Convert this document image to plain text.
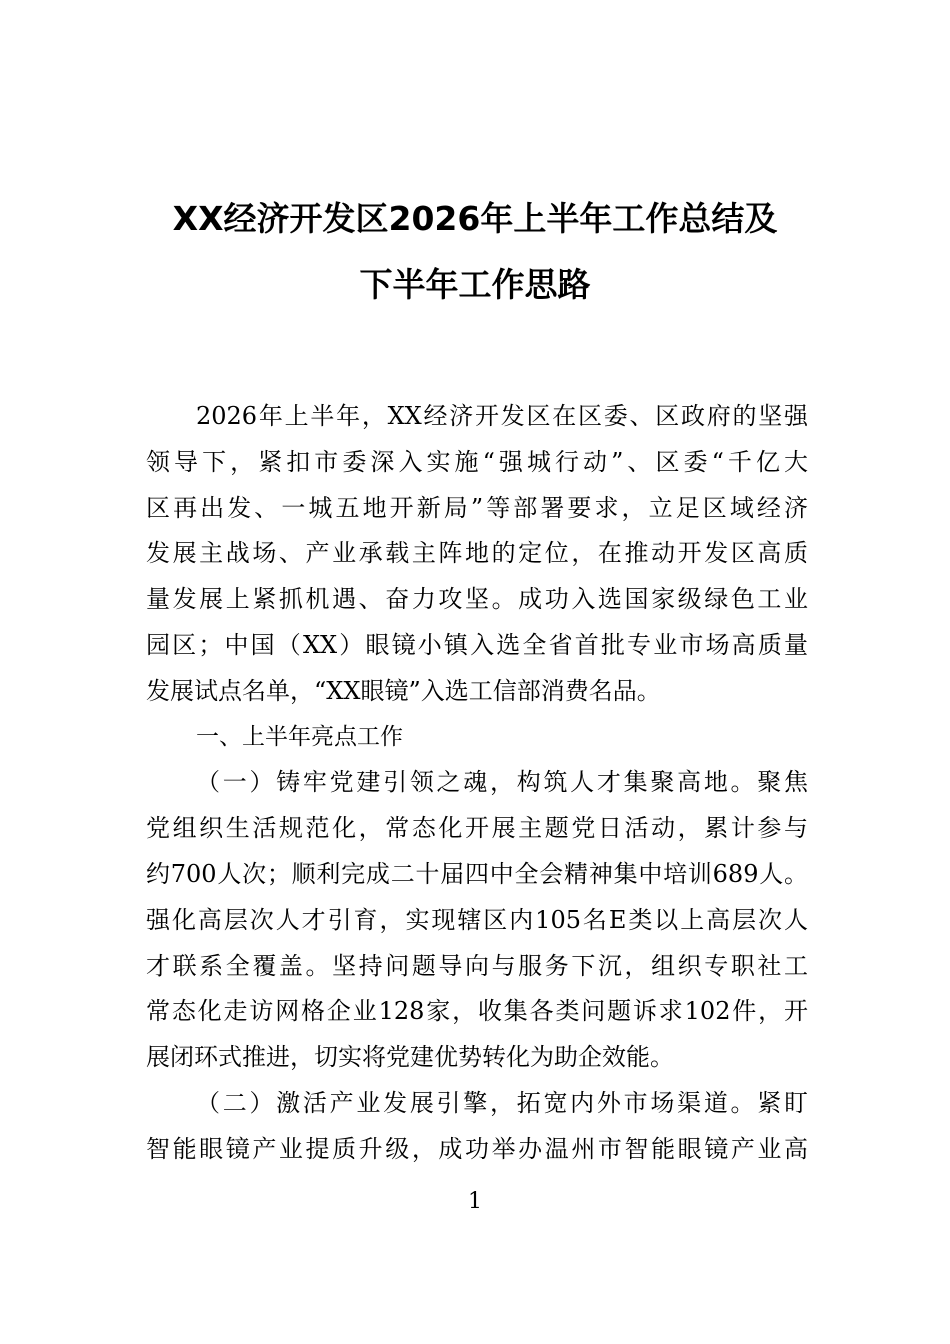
XX经济开发区2026年上半年工作总结及
下半年工作思路
2026年上半年，XX经济开发区在区委、区政府的坚强
领导下，紧扣市委深入实施“强城行动”、区委“千亿大
区再出发、一城五地开新局”等部署要求，立足区域经济
发展主战场、产业承载主阵地的定位，在推动开发区高质
量发展上紧抓机遇、奋力攻坚。成功入选国家级绿色工业
园区；中国（XX）眼镜小镇入选全省首批专业市场高质量
发展试点名单，“XX眼镜”入选工信部消费名品。
一、上半年亮点工作
（一）铸牢党建引领之魂，构筑人才集聚高地。聚焦
党组织生活规范化，常态化开展主题党日活动，累计参与
约700人次；顺利完成二十届四中全会精神集中培训689人。
强化高层次人才引育，实现辖区内105名E类以上高层次人
才联系全覆盖。坚持问题导向与服务下沉，组织专职社工
常态化走访网格企业128家，收集各类问题诉求102件，开
展闭环式推进，切实将党建优势转化为助企效能。
（二）激活产业发展引擎，拓宽内外市场渠道。紧盯
智能眼镜产业提质升级，成功举办温州市智能眼镜产业高
1
